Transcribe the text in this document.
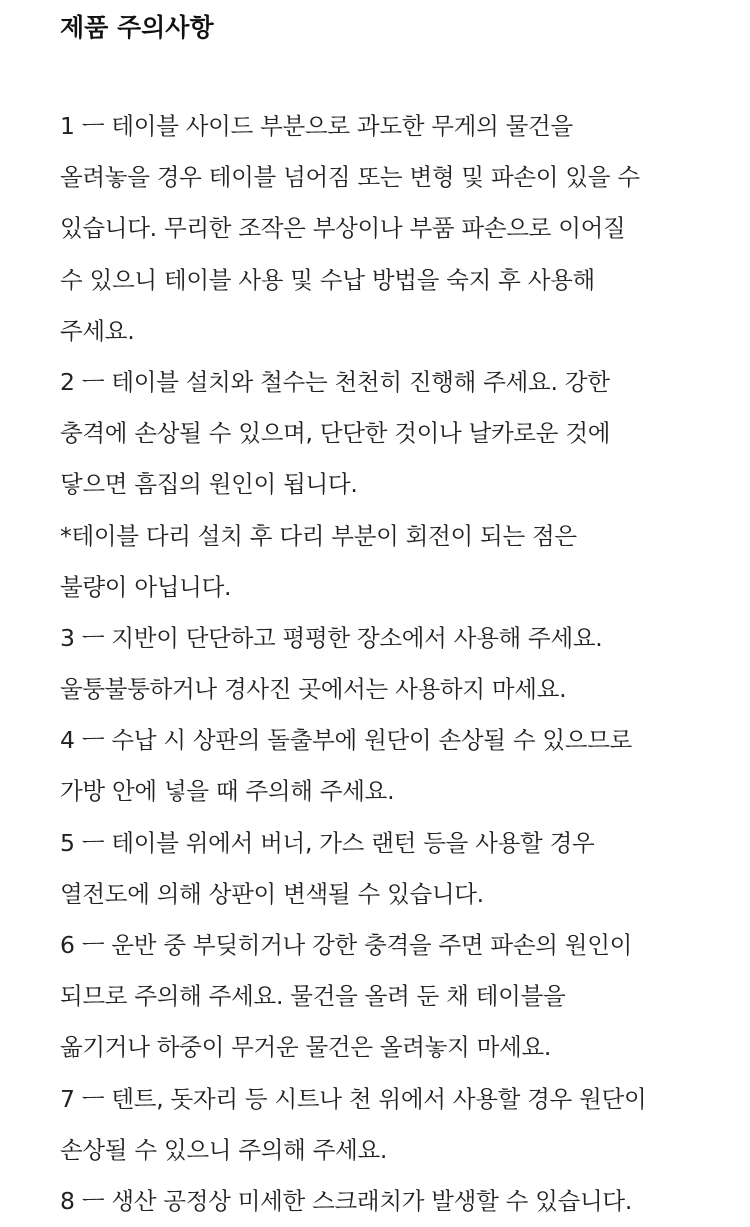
제품 주의사항
1 ㅡ 테이블 사이드 부분으로 과도한 무게의 물건을
올려놓을 경우 테이블 넘어짐 또는 변형 및 파손이 있을 수
있습니다. 무리한 조작은 부상이나 부품 파손으로 이어질
수 있으니 테이블 사용 및 수납 방법을 숙지 후 사용해
주세요.
2 ㅡ 테이블 설치와 철수는 천천히 진행해 주세요. 강한
충격에 손상될 수 있으며, 단단한 것이나 날카로운 것에
닿으면 흠집의 원인이 됩니다.
*테이블 다리 설치 후 다리 부분이 회전이 되는 점은
불량이 아닙니다.
3 ㅡ 지반이 단단하고 평평한 장소에서 사용해 주세요.
울퉁불퉁하거나 경사진 곳에서는 사용하지 마세요.
4 ㅡ 수납 시 상판의 돌출부에 원단이 손상될 수 있으므로
가방 안에 넣을 때 주의해 주세요.
5 ㅡ 테이블 위에서 버너, 가스 랜턴 등을 사용할 경우
열전도에 의해 상판이 변색될 수 있습니다.
6 ㅡ 운반 중 부딪히거나 강한 충격을 주면 파손의 원인이
되므로 주의해 주세요. 물건을 올려 둔 채 테이블을
옮기거나 하중이 무거운 물건은 올려놓지 마세요.
7 ㅡ 텐트, 돗자리 등 시트나 천 위에서 사용할 경우 원단이
손상될 수 있으니 주의해 주세요.
8 ㅡ 생산 공정상 미세한 스크래치가 발생할 수 있습니다.
